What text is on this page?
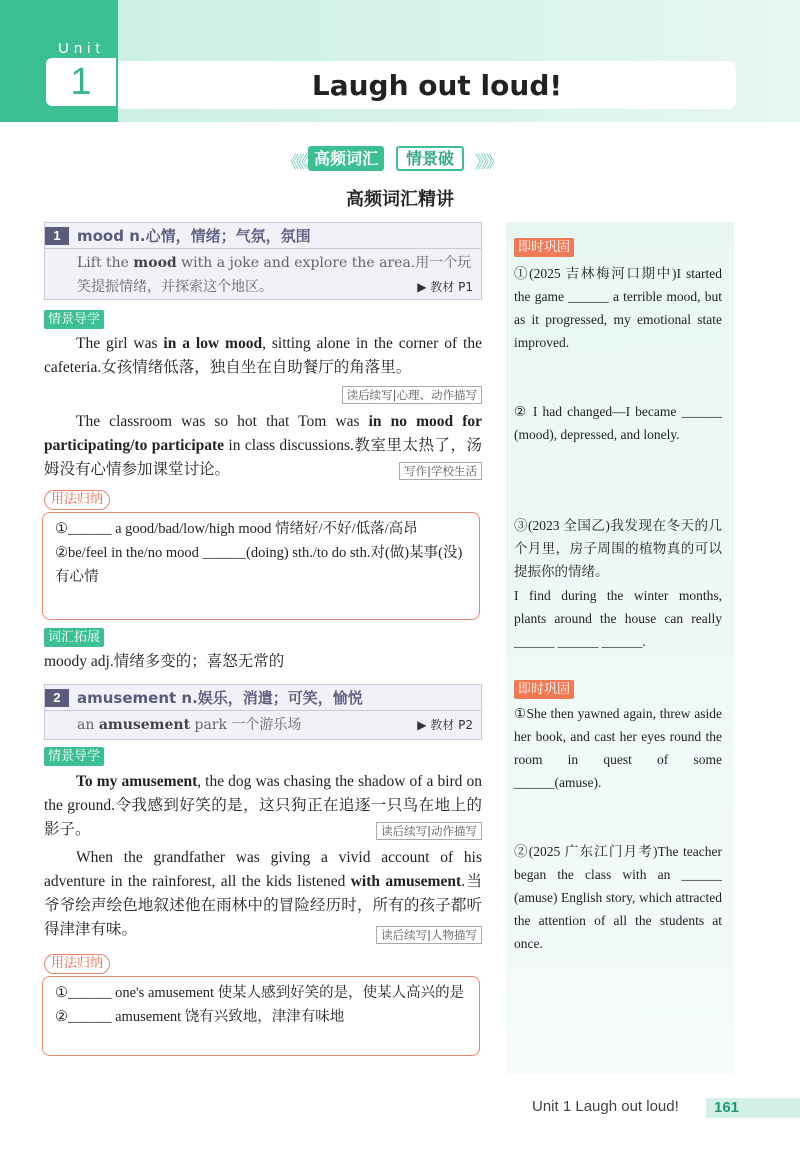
Unit
1	Laugh out loud!
《《《 高频词汇	情景破	》》》
高频词汇精讲
1	mood n.心情，情绪；气氛，氛围
Lift the mood with a joke and explore the area.用一个玩笑提振情绪，并探索这个地区。	▶ 教材 P1
情景导学
The girl was in a low mood, sitting alone in the corner of the cafeteria.女孩情绪低落，独自坐在自助餐厅的角落里。
读后续写|心理、动作描写
The classroom was so hot that Tom was in no mood for participating/to participate in class discussions.教室里太热了，汤姆没有心情参加课堂讨论。	写作|学校生活
用法归纳
①______ a good/bad/low/high mood 情绪好/不好/低落/高昂
②be/feel in the/no mood ______(doing) sth./to do sth.对(做)某事(没)有心情
词汇拓展
moody adj.情绪多变的；喜怒无常的
2	amusement n.娱乐，消遣；可笑，愉悦
an amusement park 一个游乐场	▶ 教材 P2
情景导学
To my amusement, the dog was chasing the shadow of a bird on the ground.令我感到好笑的是，这只狗正在追逐一只鸟在地上的影子。	读后续写|动作描写
When the grandfather was giving a vivid account of his adventure in the rainforest, all the kids listened with amusement.当爷爷绘声绘色地叙述他在雨林中的冒险经历时，所有的孩子都听得津津有味。	读后续写|人物描写
用法归纳
①______ one's amusement 使某人感到好笑的是，使某人高兴的是
②______ amusement 饶有兴致地，津津有味地
即时巩固
①(2025 吉林梅河口期中)I started the game ______ a terrible mood, but as it progressed, my emotional state improved.
② I had changed—I became ______ (mood), depressed, and lonely.
③(2023 全国乙)我发现在冬天的几个月里，房子周围的植物真的可以提振你的情绪。
I find during the winter months, plants around the house can really ______ ______ ______.
即时巩固
①She then yawned again, threw aside her book, and cast her eyes round the room in quest of some ______(amuse).
②(2025 广东江门月考)The teacher began the class with an ______ (amuse) English story, which attracted the attention of all the students at once.
Unit 1 Laugh out loud! 161
